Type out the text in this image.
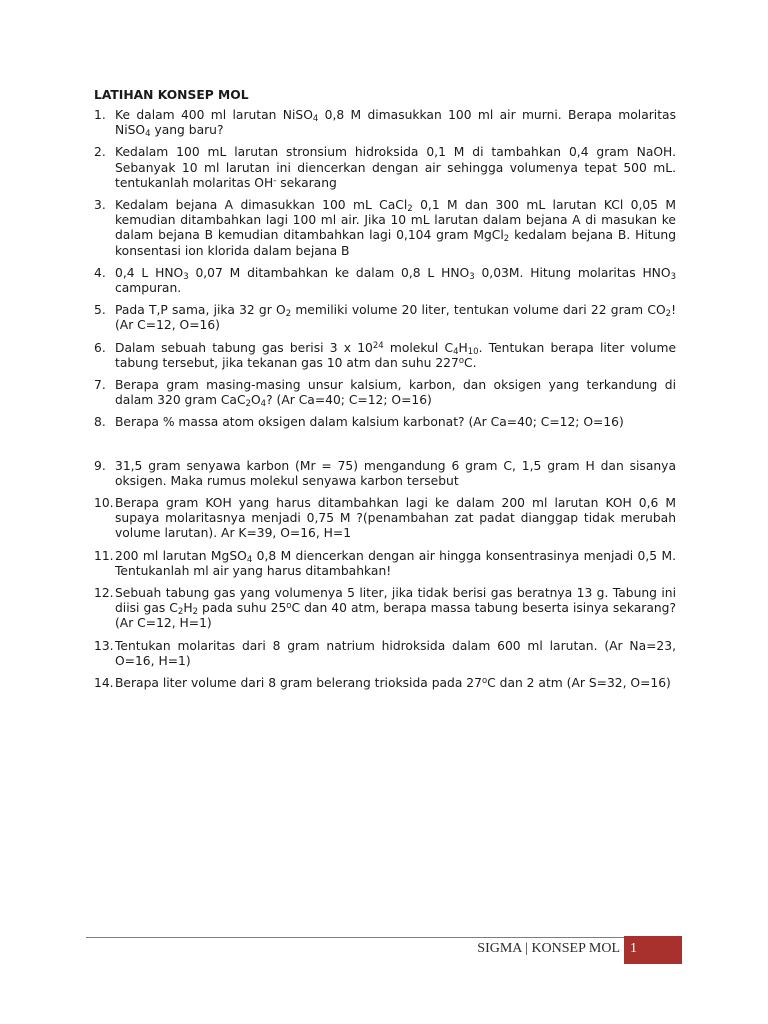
LATIHAN KONSEP MOL
1. Ke dalam 400 ml larutan NiSO$_4$ 0,8 M dimasukkan 100 ml air murni. Berapa molaritas NiSO$_4$ yang baru?
2. Kedalam 100 mL larutan stronsium hidroksida 0,1 M di tambahkan 0,4 gram NaOH. Sebanyak 10 ml larutan ini diencerkan dengan air sehingga volumenya tepat 500 mL. tentukanlah molaritas OH- sekarang
3. Kedalam bejana A dimasukkan 100 mL CaCl$_2$ 0,1 M dan 300 mL larutan KCl 0,05 M kemudian ditambahkan lagi 100 ml air. Jika 10 mL larutan dalam bejana A di masukan ke dalam bejana B kemudian ditambahkan lagi 0,104 gram MgCl$_2$ kedalam bejana B. Hitung konsentasi ion klorida dalam bejana B
4. 0,4 L $HNO_3$ 0,07 M ditambahkan ke dalam 0,8 L $HNO_3$ 0,03M. Hitung molaritas $HNO_3$ campuran.
5. Pada T,P sama, jika 32 gr $O_2$ memiliki volume 20 liter, tentukan volume dari 22 gram $CO_2$! (Ar C=12, O=16)
6. Dalam sebuah tabung gas berisi 3 x $10^{24}$ molekul $C_4H_{10}$. Tentukan berapa liter volume tabung tersebut, jika tekanan gas 10 atm dan suhu 227$^o$C.
7. Berapa gram masing-masing unsur kalsium, karbon, dan oksigen yang terkandung di dalam 320 gram $CaC_2O_4$? (Ar Ca=40; C=12; O=16)
8. Berapa % massa atom oksigen dalam kalsium karbonat? (Ar Ca=40; C=12; O=16)
9. 31,5 gram senyawa karbon (Mr = 75) mengandung 6 gram C, 1,5 gram H dan sisanya oksigen. Maka rumus molekul senyawa karbon tersebut
10. Berapa gram KOH yang harus ditambahkan lagi ke dalam 200 ml larutan KOH 0,6 M supaya molaritasnya menjadi 0,75 M ?(penambahan zat padat dianggap tidak merubah volume larutan). Ar K=39, O=16, H=1
11. 200 ml larutan MgSO$_4$ 0,8 M diencerkan dengan air hingga konsentrasinya menjadi 0,5 M. Tentukanlah ml air yang harus ditambahkan!
12. Sebuah tabung gas yang volumenya 5 liter, jika tidak berisi gas beratnya 13 g. Tabung ini diisi gas $C_2H_2$ pada suhu 25$^o$C dan 40 atm, berapa massa tabung beserta isinya sekarang? (Ar C=12, H=1)
13. Tentukan molaritas dari 8 gram natrium hidroksida dalam 600 ml larutan. (Ar Na=23, O=16, H=1)
14. Berapa liter volume dari 8 gram belerang trioksida pada 27$^o$C dan 2 atm (Ar S=32, O=16)
SIGMA | KONSEP MOL 1
